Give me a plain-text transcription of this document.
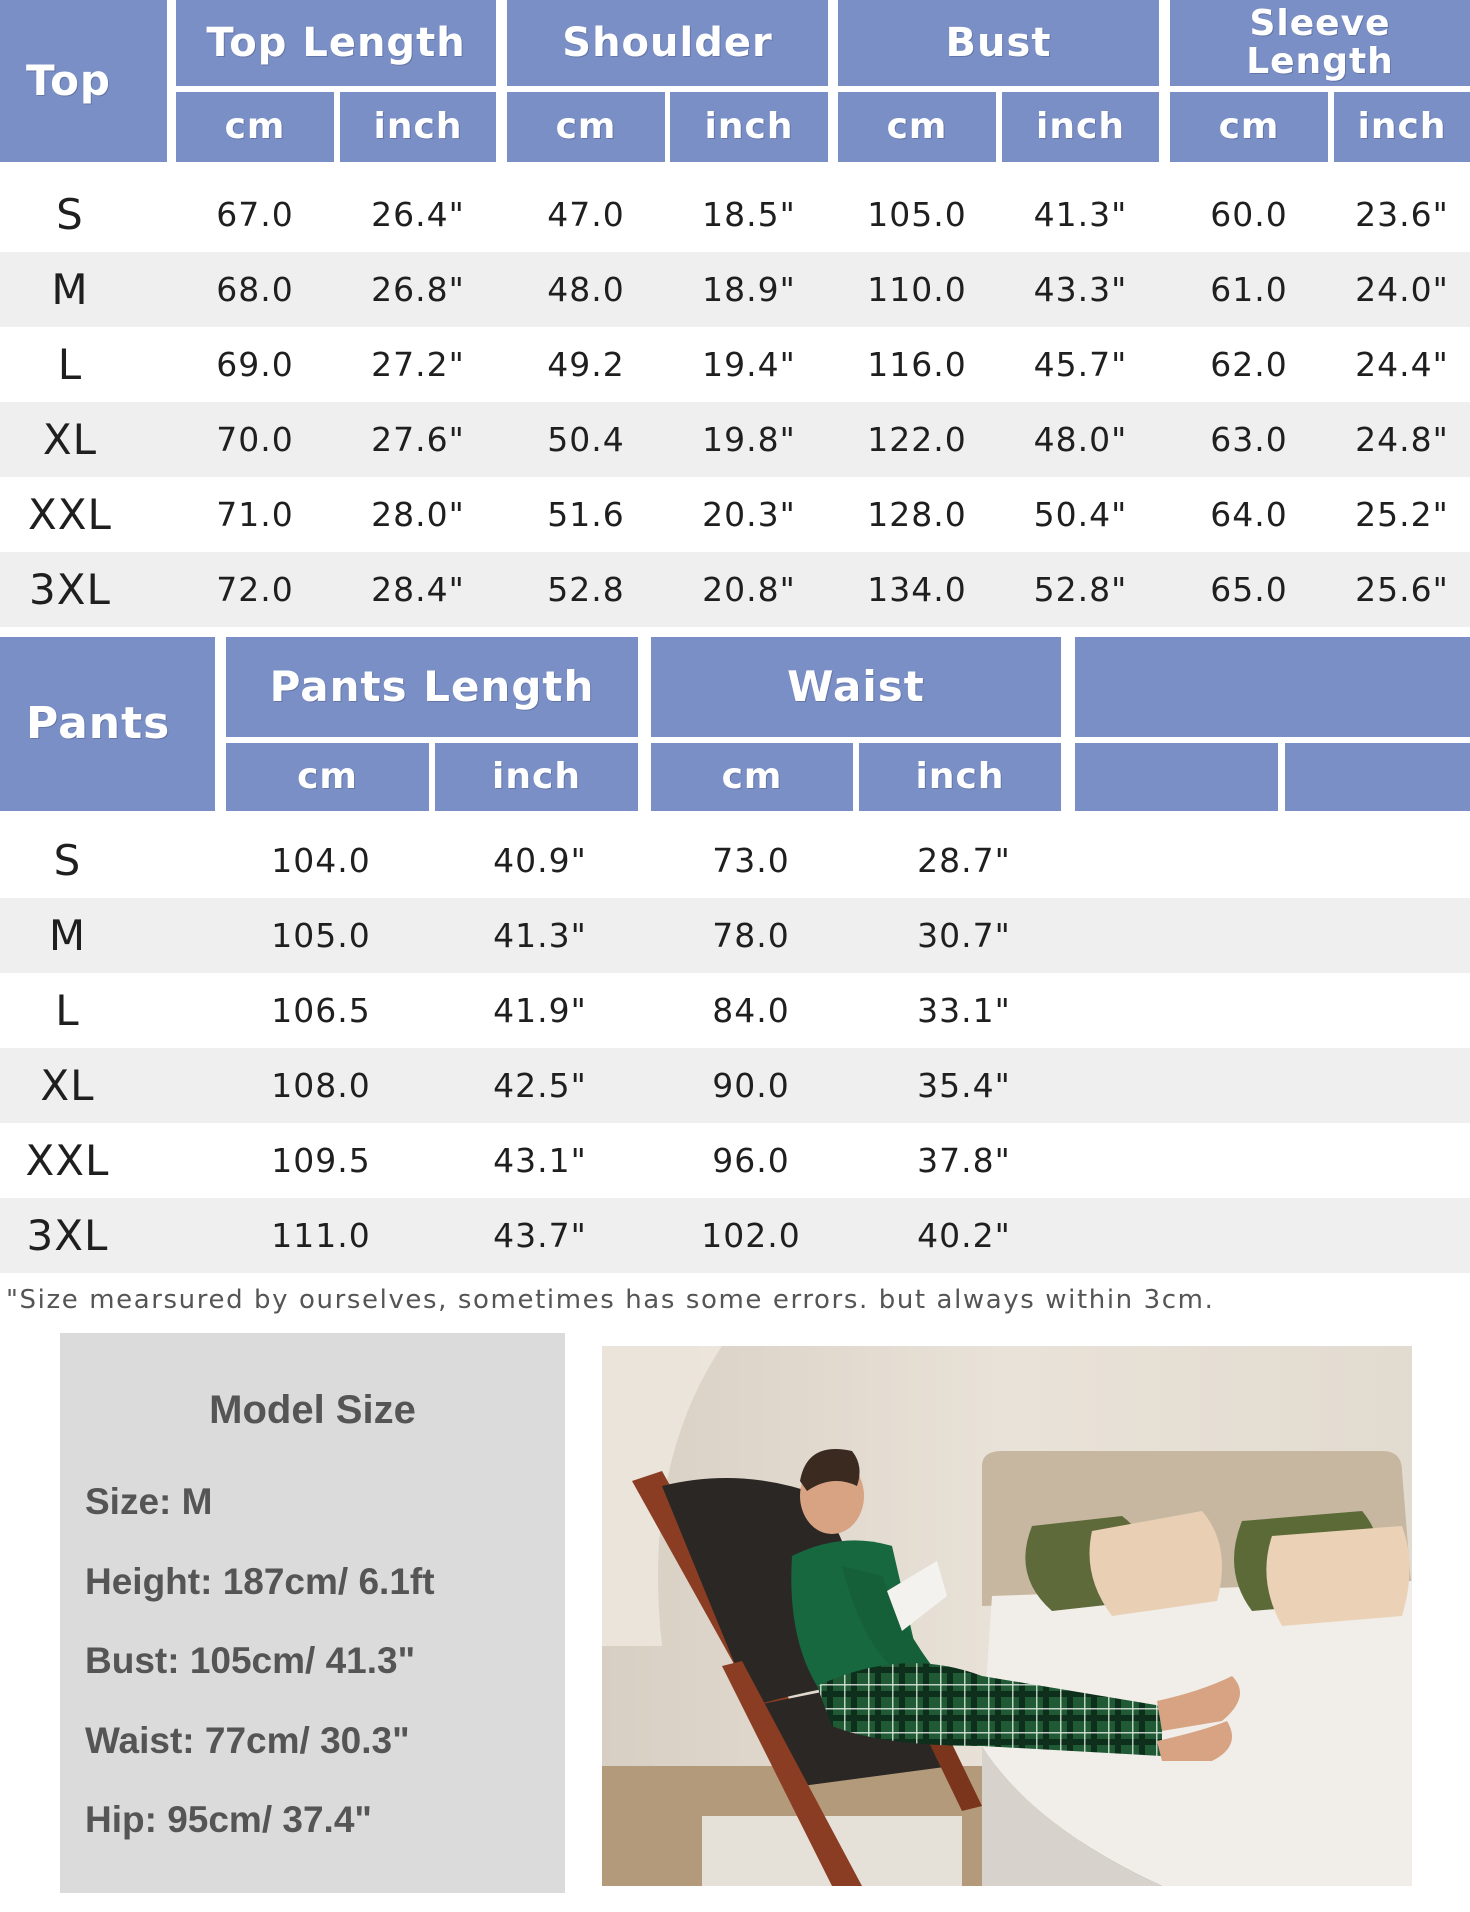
Top
Top Length
cm	inch
Shoulder
cm	inch
Bust
cm	inch
Sleeve Length
cm	inch
S	67.0	26.4"	47.0	18.5"	105.0	41.3"	60.0	23.6"
M	68.0	26.8"	48.0	18.9"	110.0	43.3"	61.0	24.0"
L	69.0	27.2"	49.2	19.4"	116.0	45.7"	62.0	24.4"
XL	70.0	27.6"	50.4	19.8"	122.0	48.0"	63.0	24.8"
XXL	71.0	28.0"	51.6	20.3"	128.0	50.4"	64.0	25.2"
3XL	72.0	28.4"	52.8	20.8"	134.0	52.8"	65.0	25.6"
Pants
Pants Length
cm	inch
Waist
cm	inch
S	104.0	40.9"	73.0	28.7"
M	105.0	41.3"	78.0	30.7"
L	106.5	41.9"	84.0	33.1"
XL	108.0	42.5"	90.0	35.4"
XXL	109.5	43.1"	96.0	37.8"
3XL	111.0	43.7"	102.0	40.2"
"Size mearsured by ourselves, sometimes has some errors. but always within 3cm.
Model Size
Size: M
Height: 187cm/ 6.1ft
Bust: 105cm/ 41.3"
Waist: 77cm/ 30.3"
Hip: 95cm/ 37.4"
